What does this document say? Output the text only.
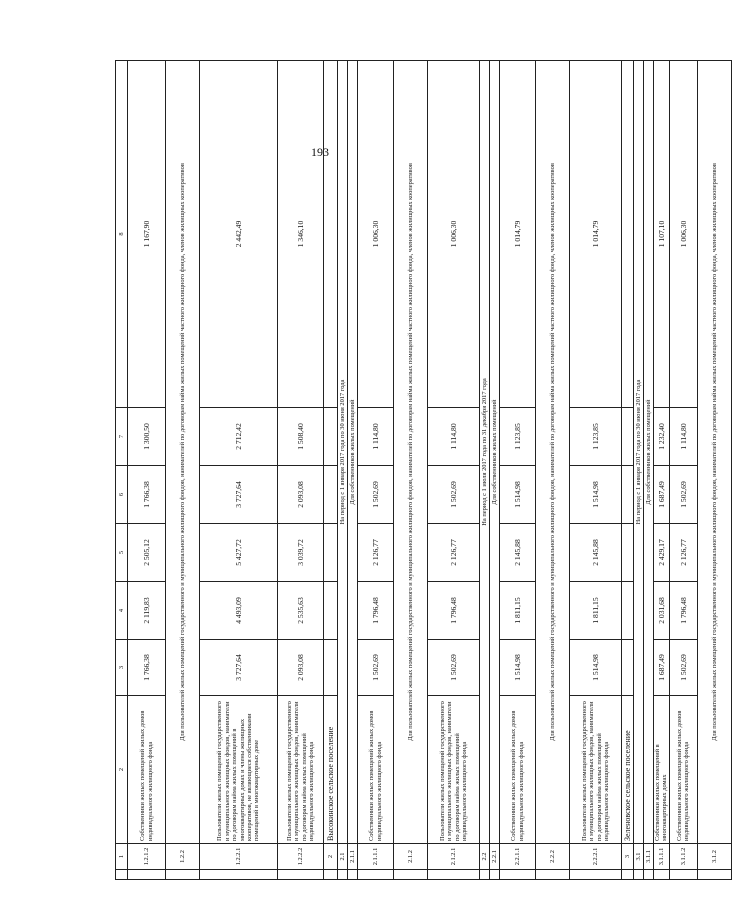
193
	1	2	3	4	5	6	7	8
	1.2.1.2	Собственники жилых помещений жилых домов индивидуального жилищного фонда	1 766,38	2 119,83	2 505,12	1 766,38	1 300,50	1 167,90
	1.2.2	Для пользователей жилых помещений государственного и муниципального жилищного фондов, нанимателей по договорам найма жилых помещений частного жилищного фонда, членов жилищных кооперативов						
	1.2.2.1	Пользователи жилых помещений государственного и муниципального жилищных фондов, наниматели по договорам найма жилых помещений в многоквартирных домах и члены жилищных кооперативов, не являющиеся собственниками помещений в многоквартирных доме	3 727,64	4 493,09	5 427,72	3 727,64	2 712,42	2 442,49
	1.2.2.2	Пользователи жилых помещений государственного и муниципального жилищных фондов, наниматели по договорам найма жилых помещений индивидуального жилищного фонда	2 093,08	2 535,63	3 039,72	2 093,08	1 508,40	1 346,10
	2	Высокинское сельское поселение						
	2.1	На период с 1 января 2017 года по 30 июня 2017 года						
	2.1.1	Для собственников жилых помещений						
	2.1.1.1	Собственники жилых помещений жилых домов индивидуального жилищного фонда	1 502,69	1 796,48	2 126,77	1 502,69	1 114,80	1 006,30
	2.1.2	Для пользователей жилых помещений государственного и муниципального жилищного фондов, нанимателей по договорам найма жилых помещений частного жилищного фонда, членов жилищных кооперативов						
	2.1.2.1	Пользователи жилых помещений государственного и муниципального жилищных фондов, наниматели по договорам найма жилых помещений индивидуального жилищного фонда	1 502,69	1 796,48	2 126,77	1 502,69	1 114,80	1 006,30
	2.2	На период с 1 июля 2017 года по 31 декабря 2017 года						
	2.2.1	Для собственников жилых помещений						
	2.2.1.1	Собственники жилых помещений жилых домов индивидуального жилищного фонда	1 514,98	1 811,15	2 145,88	1 514,98	1 123,85	1 014,79
	2.2.2	Для пользователей жилых помещений государственного и муниципального жилищного фондов, нанимателей по договорам найма жилых помещений частного жилищного фонда, членов жилищных кооперативов						
	2.2.2.1	Пользователи жилых помещений государственного и муниципального жилищных фондов, наниматели по договорам найма жилых помещений индивидуального жилищного фонда	1 514,98	1 811,15	2 145,88	1 514,98	1 123,85	1 014,79
	3	Зеленовское сельское поселение						
	3.1	На период с 1 января 2017 года по 30 июня 2017 года						
	3.1.1	Для собственников жилых помещений						
	3.1.1.1	Собственники жилых помещений в многоквартирных домах	1 687,49	2 031,68	2 429,17	1 687,49	1 232,40	1 107,10
	3.1.1.2	Собственники жилых помещений жилых домов индивидуального жилищного фонда	1 502,69	1 796,48	2 126,77	1 502,69	1 114,80	1 006,30
	3.1.2	Для пользователей жилых помещений государственного и муниципального жилищного фондов, нанимателей по договорам найма жилых помещений частного жилищного фонда, членов жилищных кооперативов						
